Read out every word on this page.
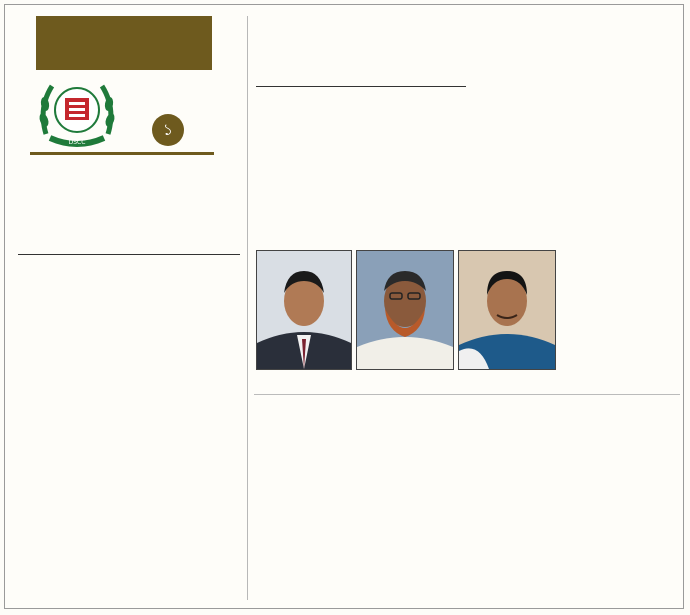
DSCC
১
